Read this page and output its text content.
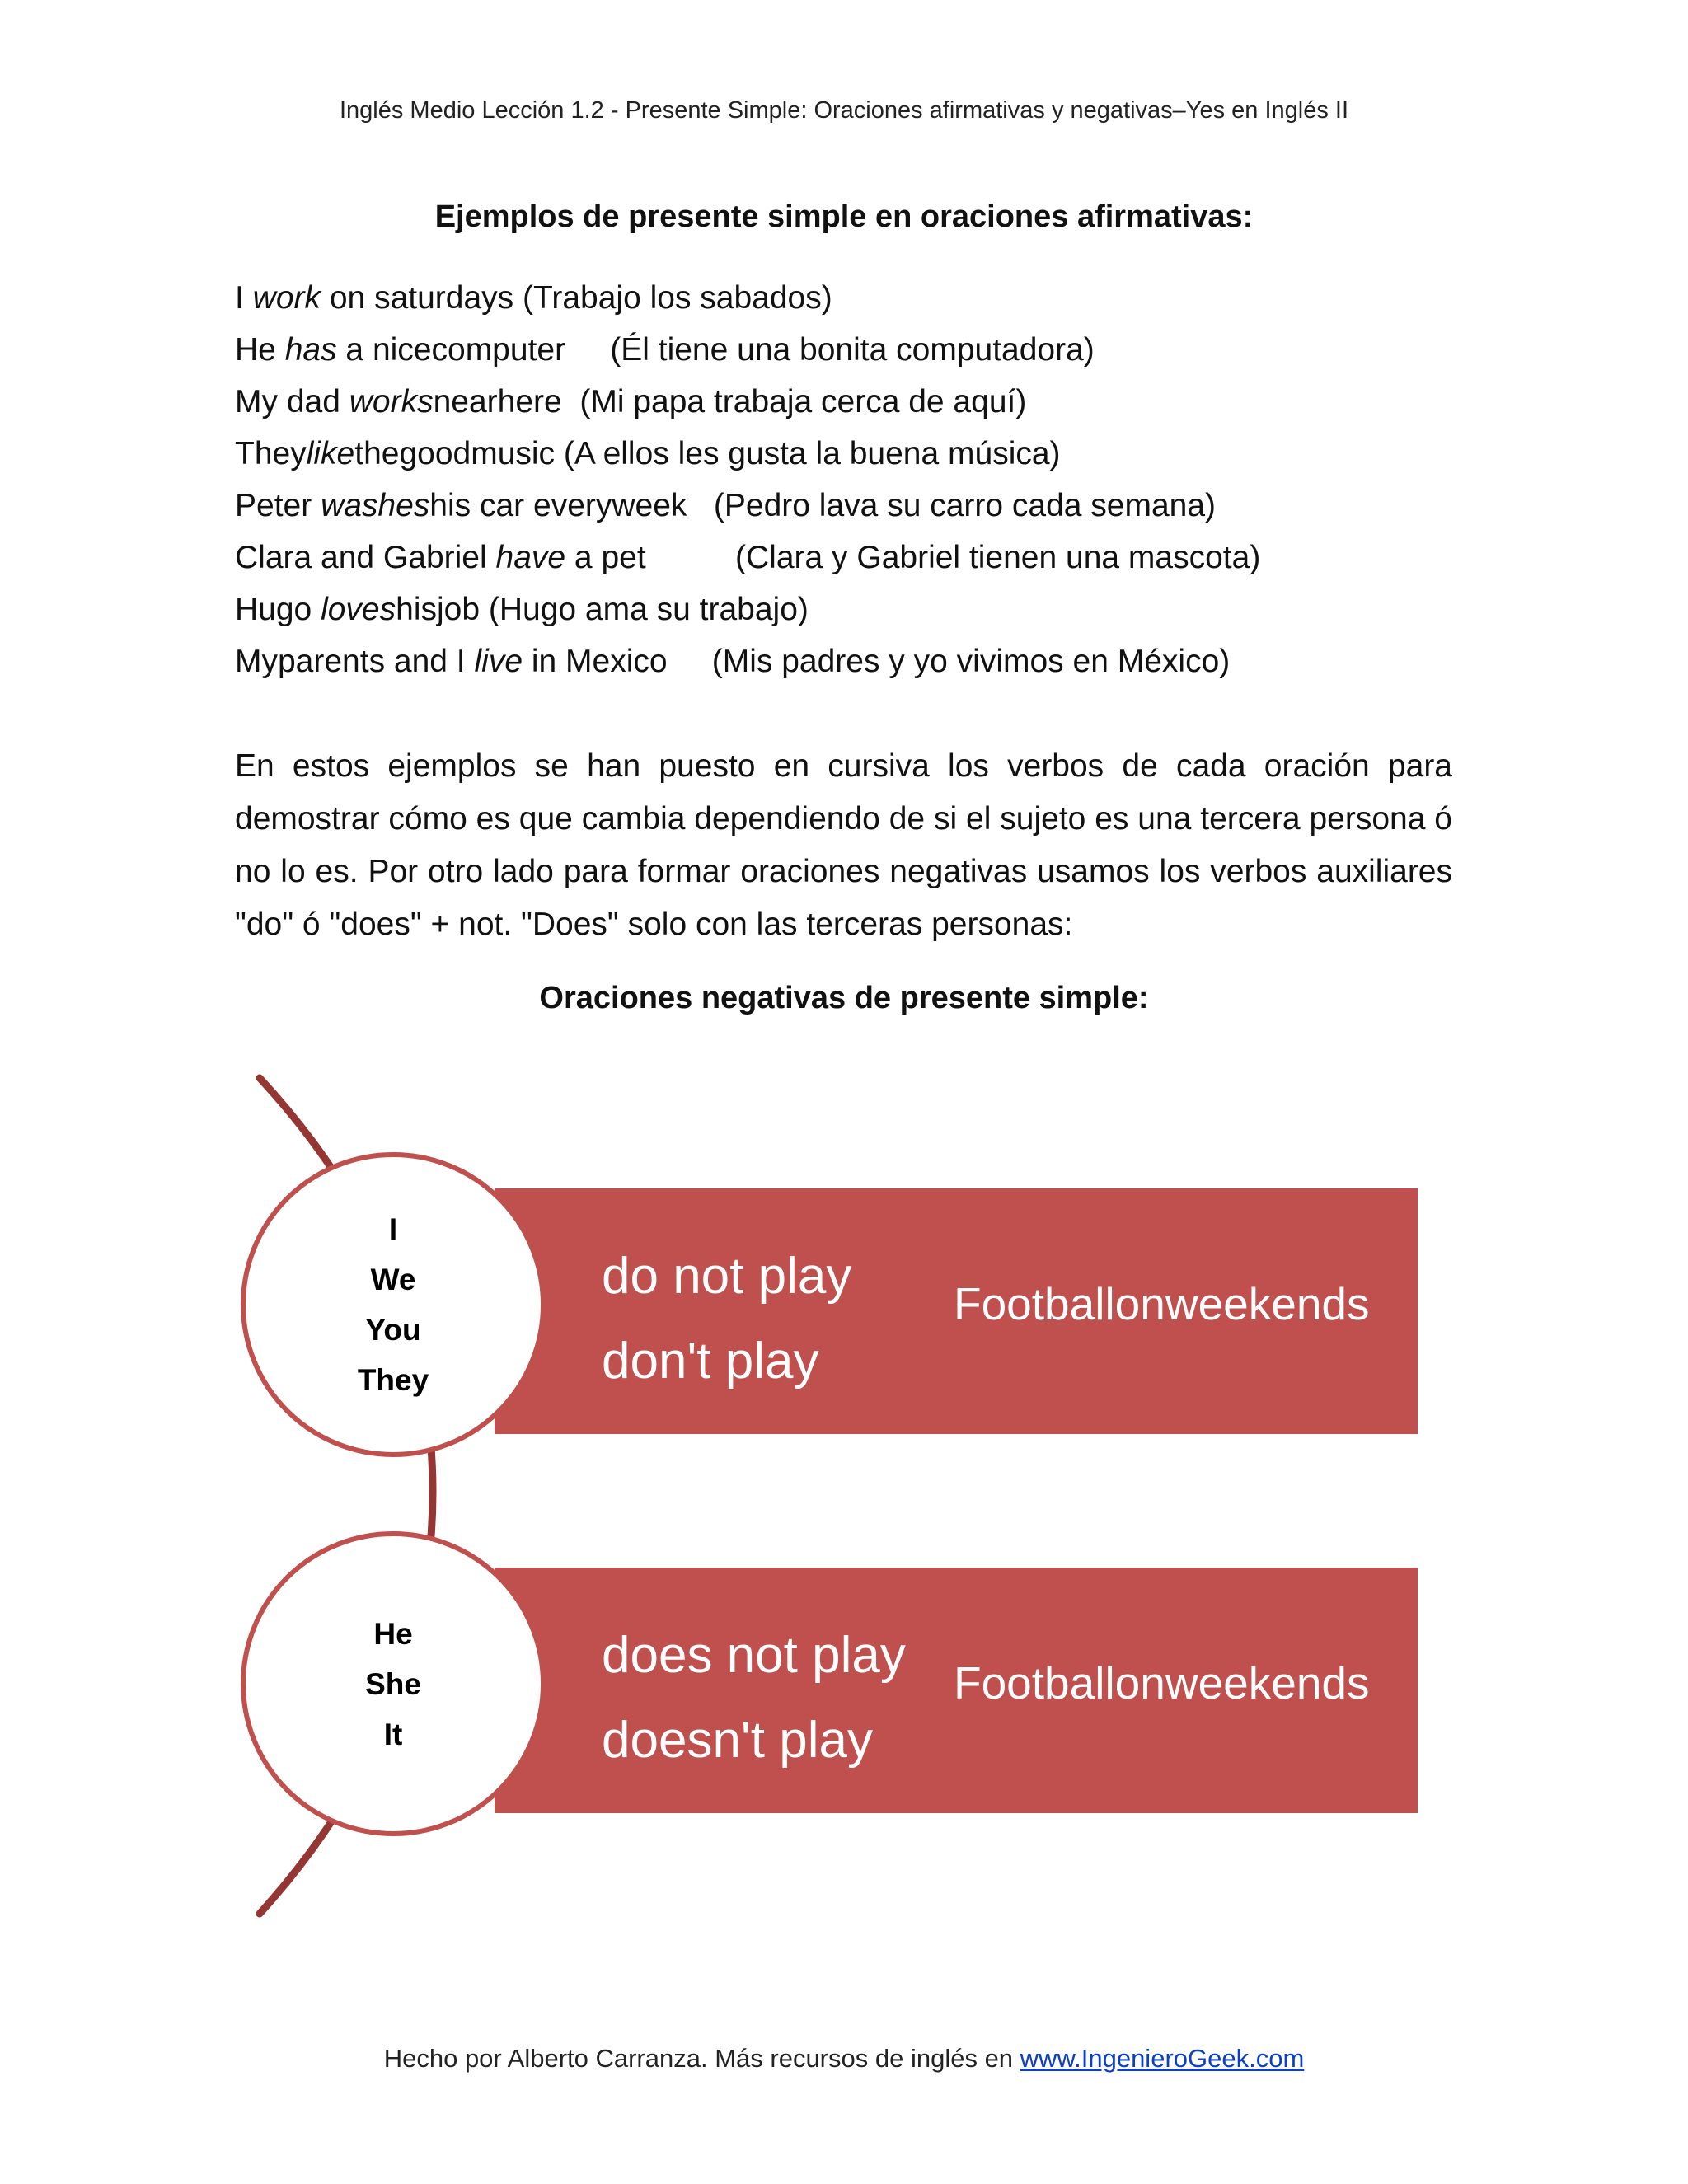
Inglés Medio Lección 1.2 - Presente Simple: Oraciones afirmativas y negativas–Yes en Inglés II
Ejemplos de presente simple en oraciones afirmativas:
I work on saturdays (Trabajo los sabados)
He has a nicecomputer     (Él tiene una bonita computadora)
My dad worksnearhere  (Mi papa trabaja cerca de aquí)
Theylikethegoodmusic (A ellos les gusta la buena música)
Peter washeshis car everyweek   (Pedro lava su carro cada semana)
Clara and Gabriel have a pet          (Clara y Gabriel tienen una mascota)
Hugo loveshisjob (Hugo ama su trabajo)
Myparents and I live in Mexico     (Mis padres y yo vivimos en México)
En estos ejemplos se han puesto en cursiva los verbos de cada oración para demostrar cómo es que cambia dependiendo de si el sujeto es una tercera persona ó no lo es. Por otro lado para formar oraciones negativas usamos los verbos auxiliares "do" ó "does" + not. "Does" solo con las terceras personas:
Oraciones negativas de presente simple:
do not play
don't play
Footballonweekends
does not play
doesn't play
Footballonweekends
I
We
You
They
He
She
It
Hecho por Alberto Carranza. Más recursos de inglés en www.IngenieroGeek.com
